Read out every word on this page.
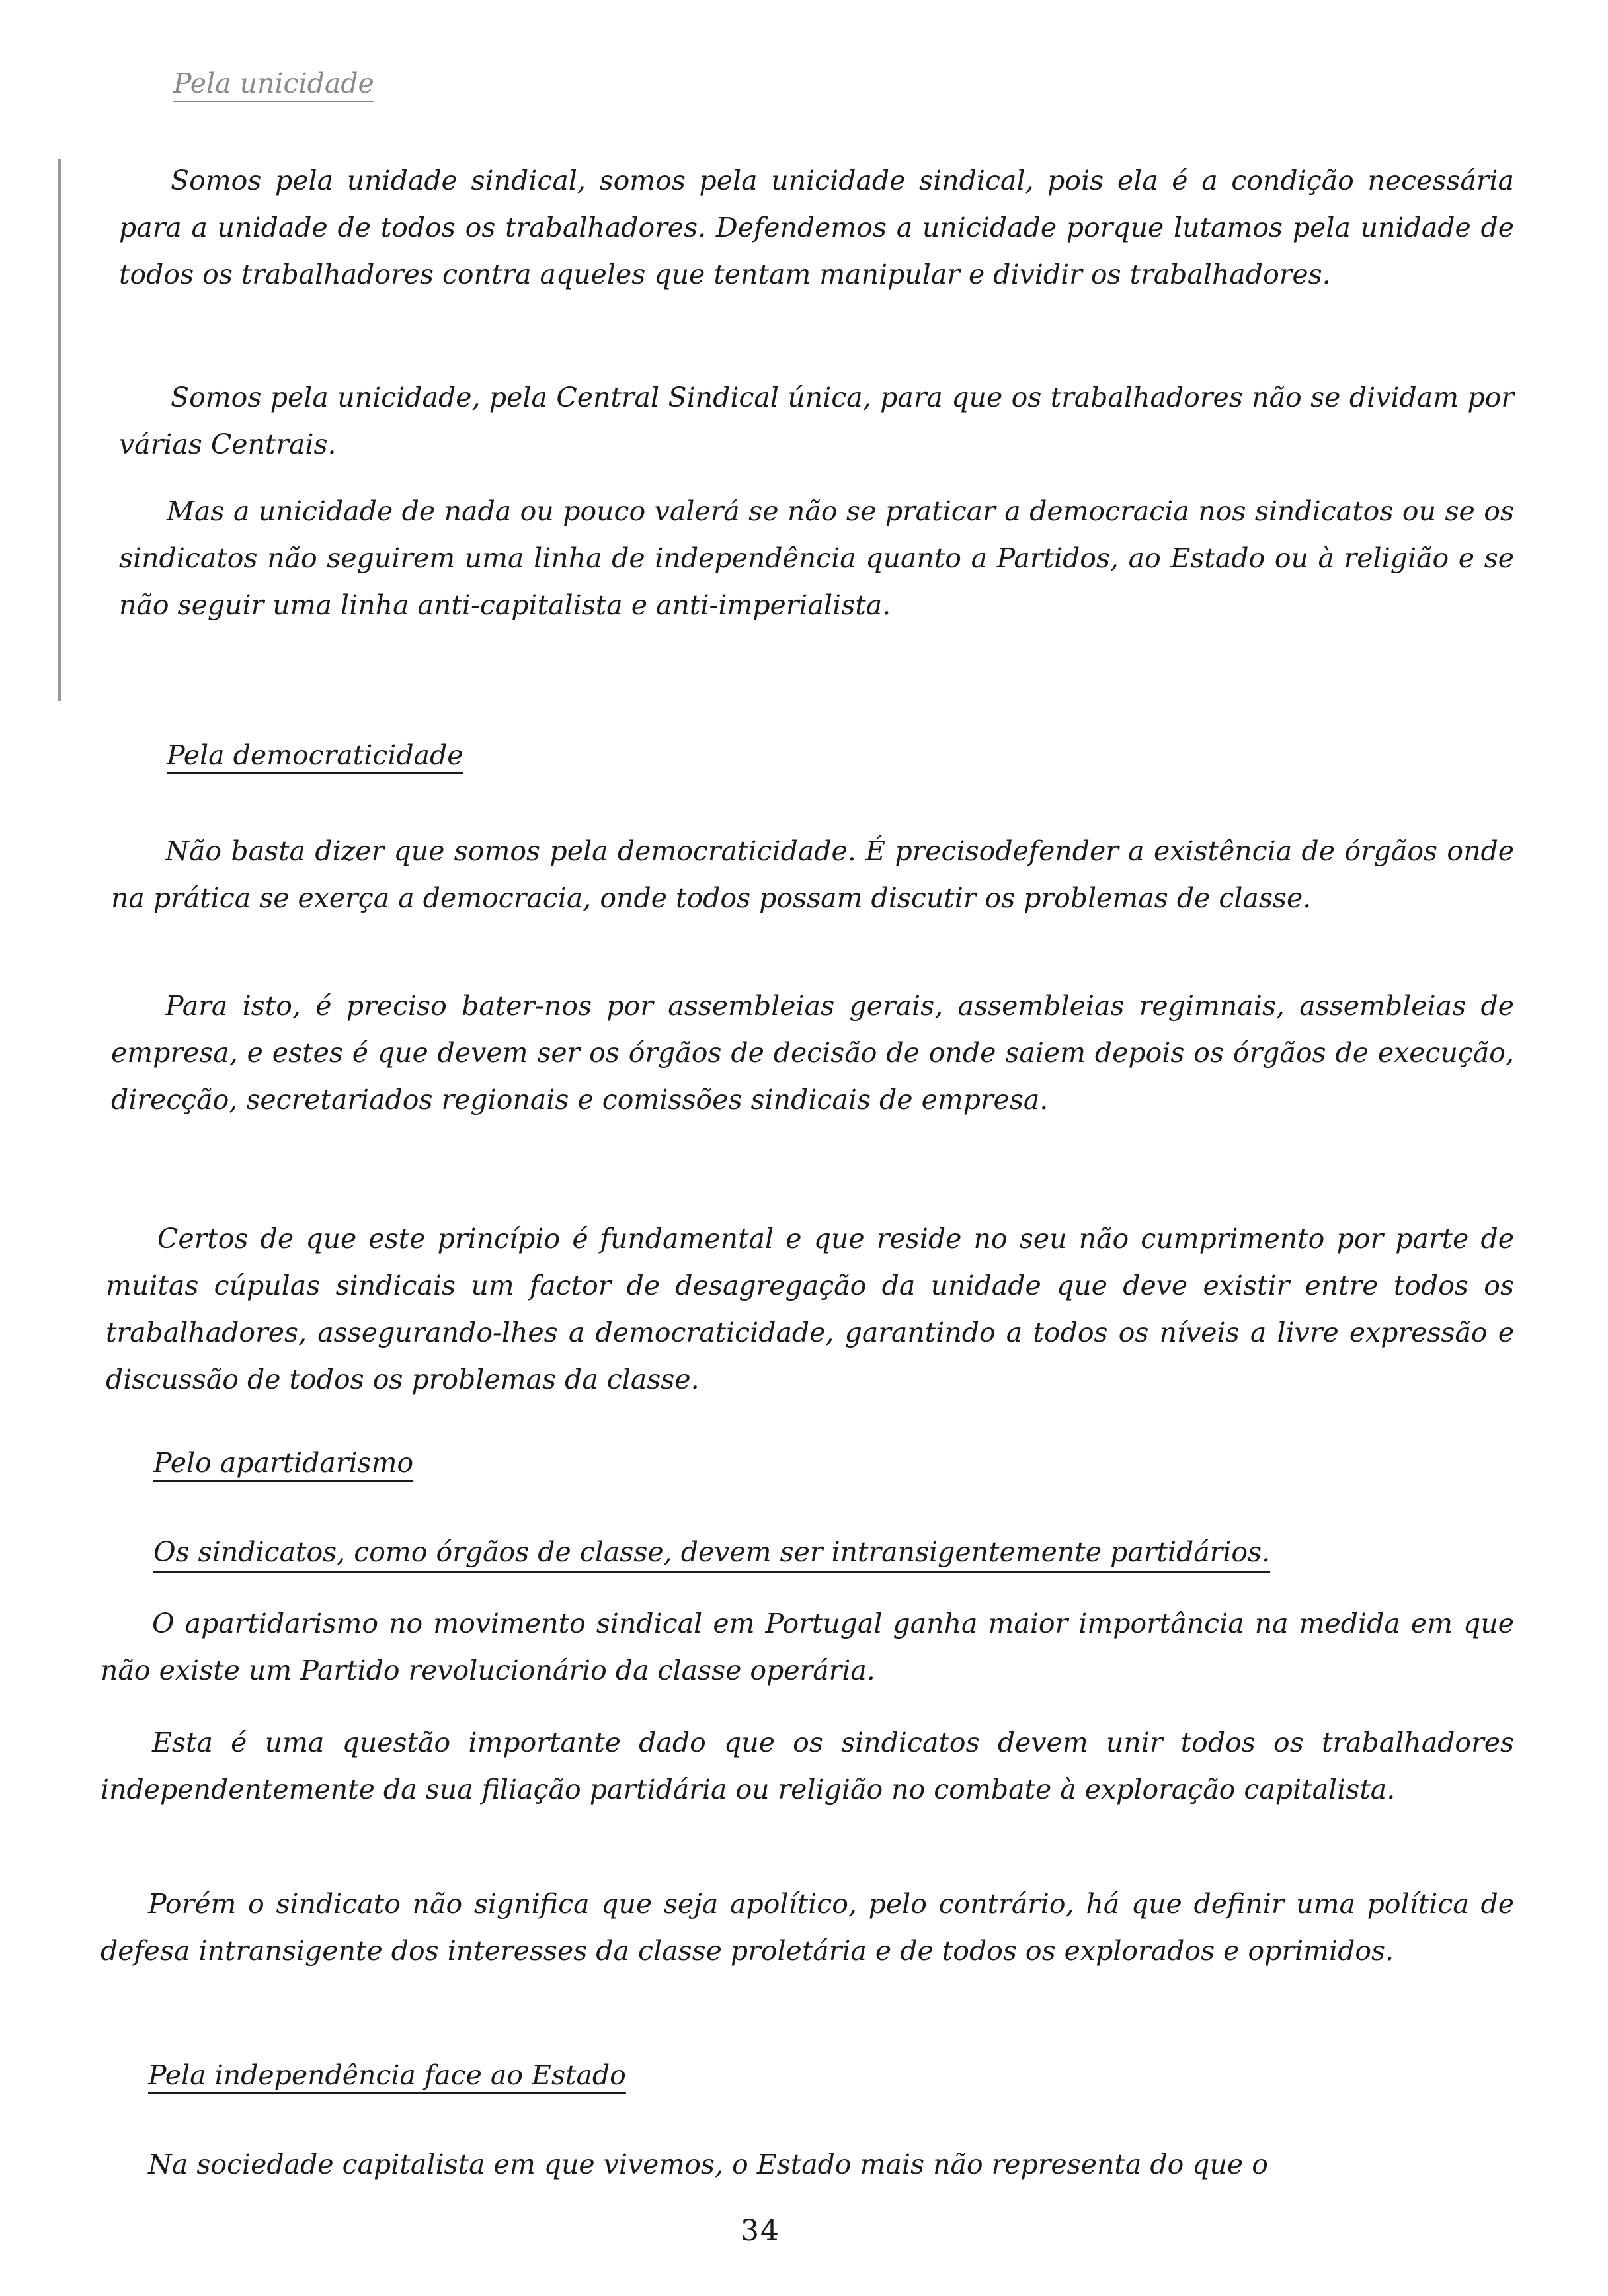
Pela unicidade

Somos pela unidade sindical, somos pela unicidade sindical, pois ela é a condição necessária para a unidade de todos os trabalhadores. Defendemos a unicidade porque lutamos pela unidade de todos os trabalhadores contra aqueles que tentam manipular e dividir os trabalhadores.

Somos pela unicidade, pela Central Sindical única, para que os trabalhadores não se dividam por várias Centrais.

Mas a unicidade de nada ou pouco valerá se não se praticar a democracia nos sindicatos ou se os sindicatos não seguirem uma linha de independência quanto a Partidos, ao Estado ou à religião e se não seguir uma linha anti-capitalista e anti-imperialista.

Pela democraticidade

Não basta dizer que somos pela democraticidade. É precisodefender a existência de órgãos onde na prática se exerça a democracia, onde todos possam discutir os problemas de classe.

Para isto, é preciso bater-nos por assembleias gerais, assembleias regimnais, assembleias de empresa, e estes é que devem ser os órgãos de decisão de onde saiem depois os órgãos de execução, direcção, secretariados regionais e comissões sindicais de empresa.

Certos de que este princípio é fundamental e que reside no seu não cumprimento por parte de muitas cúpulas sindicais um factor de desagregação da unidade que deve existir entre todos os trabalhadores, assegurando-lhes a democraticidade, garantindo a todos os níveis a livre expressão e discussão de todos os problemas da classe.

Pelo apartidarismo

Os sindicatos, como órgãos de classe, devem ser intransigentemente partidários.

O apartidarismo no movimento sindical em Portugal ganha maior importância na medida em que não existe um Partido revolucionário da classe operária.

Esta é uma questão importante dado que os sindicatos devem unir todos os trabalhadores independentemente da sua filiação partidária ou religião no combate à exploração capitalista.

Porém o sindicato não significa que seja apolítico, pelo contrário, há que definir uma política de defesa intransigente dos interesses da classe proletária e de todos os explorados e oprimidos.

Pela independência face ao Estado

Na sociedade capitalista em que vivemos, o Estado mais não representa do que o

34
